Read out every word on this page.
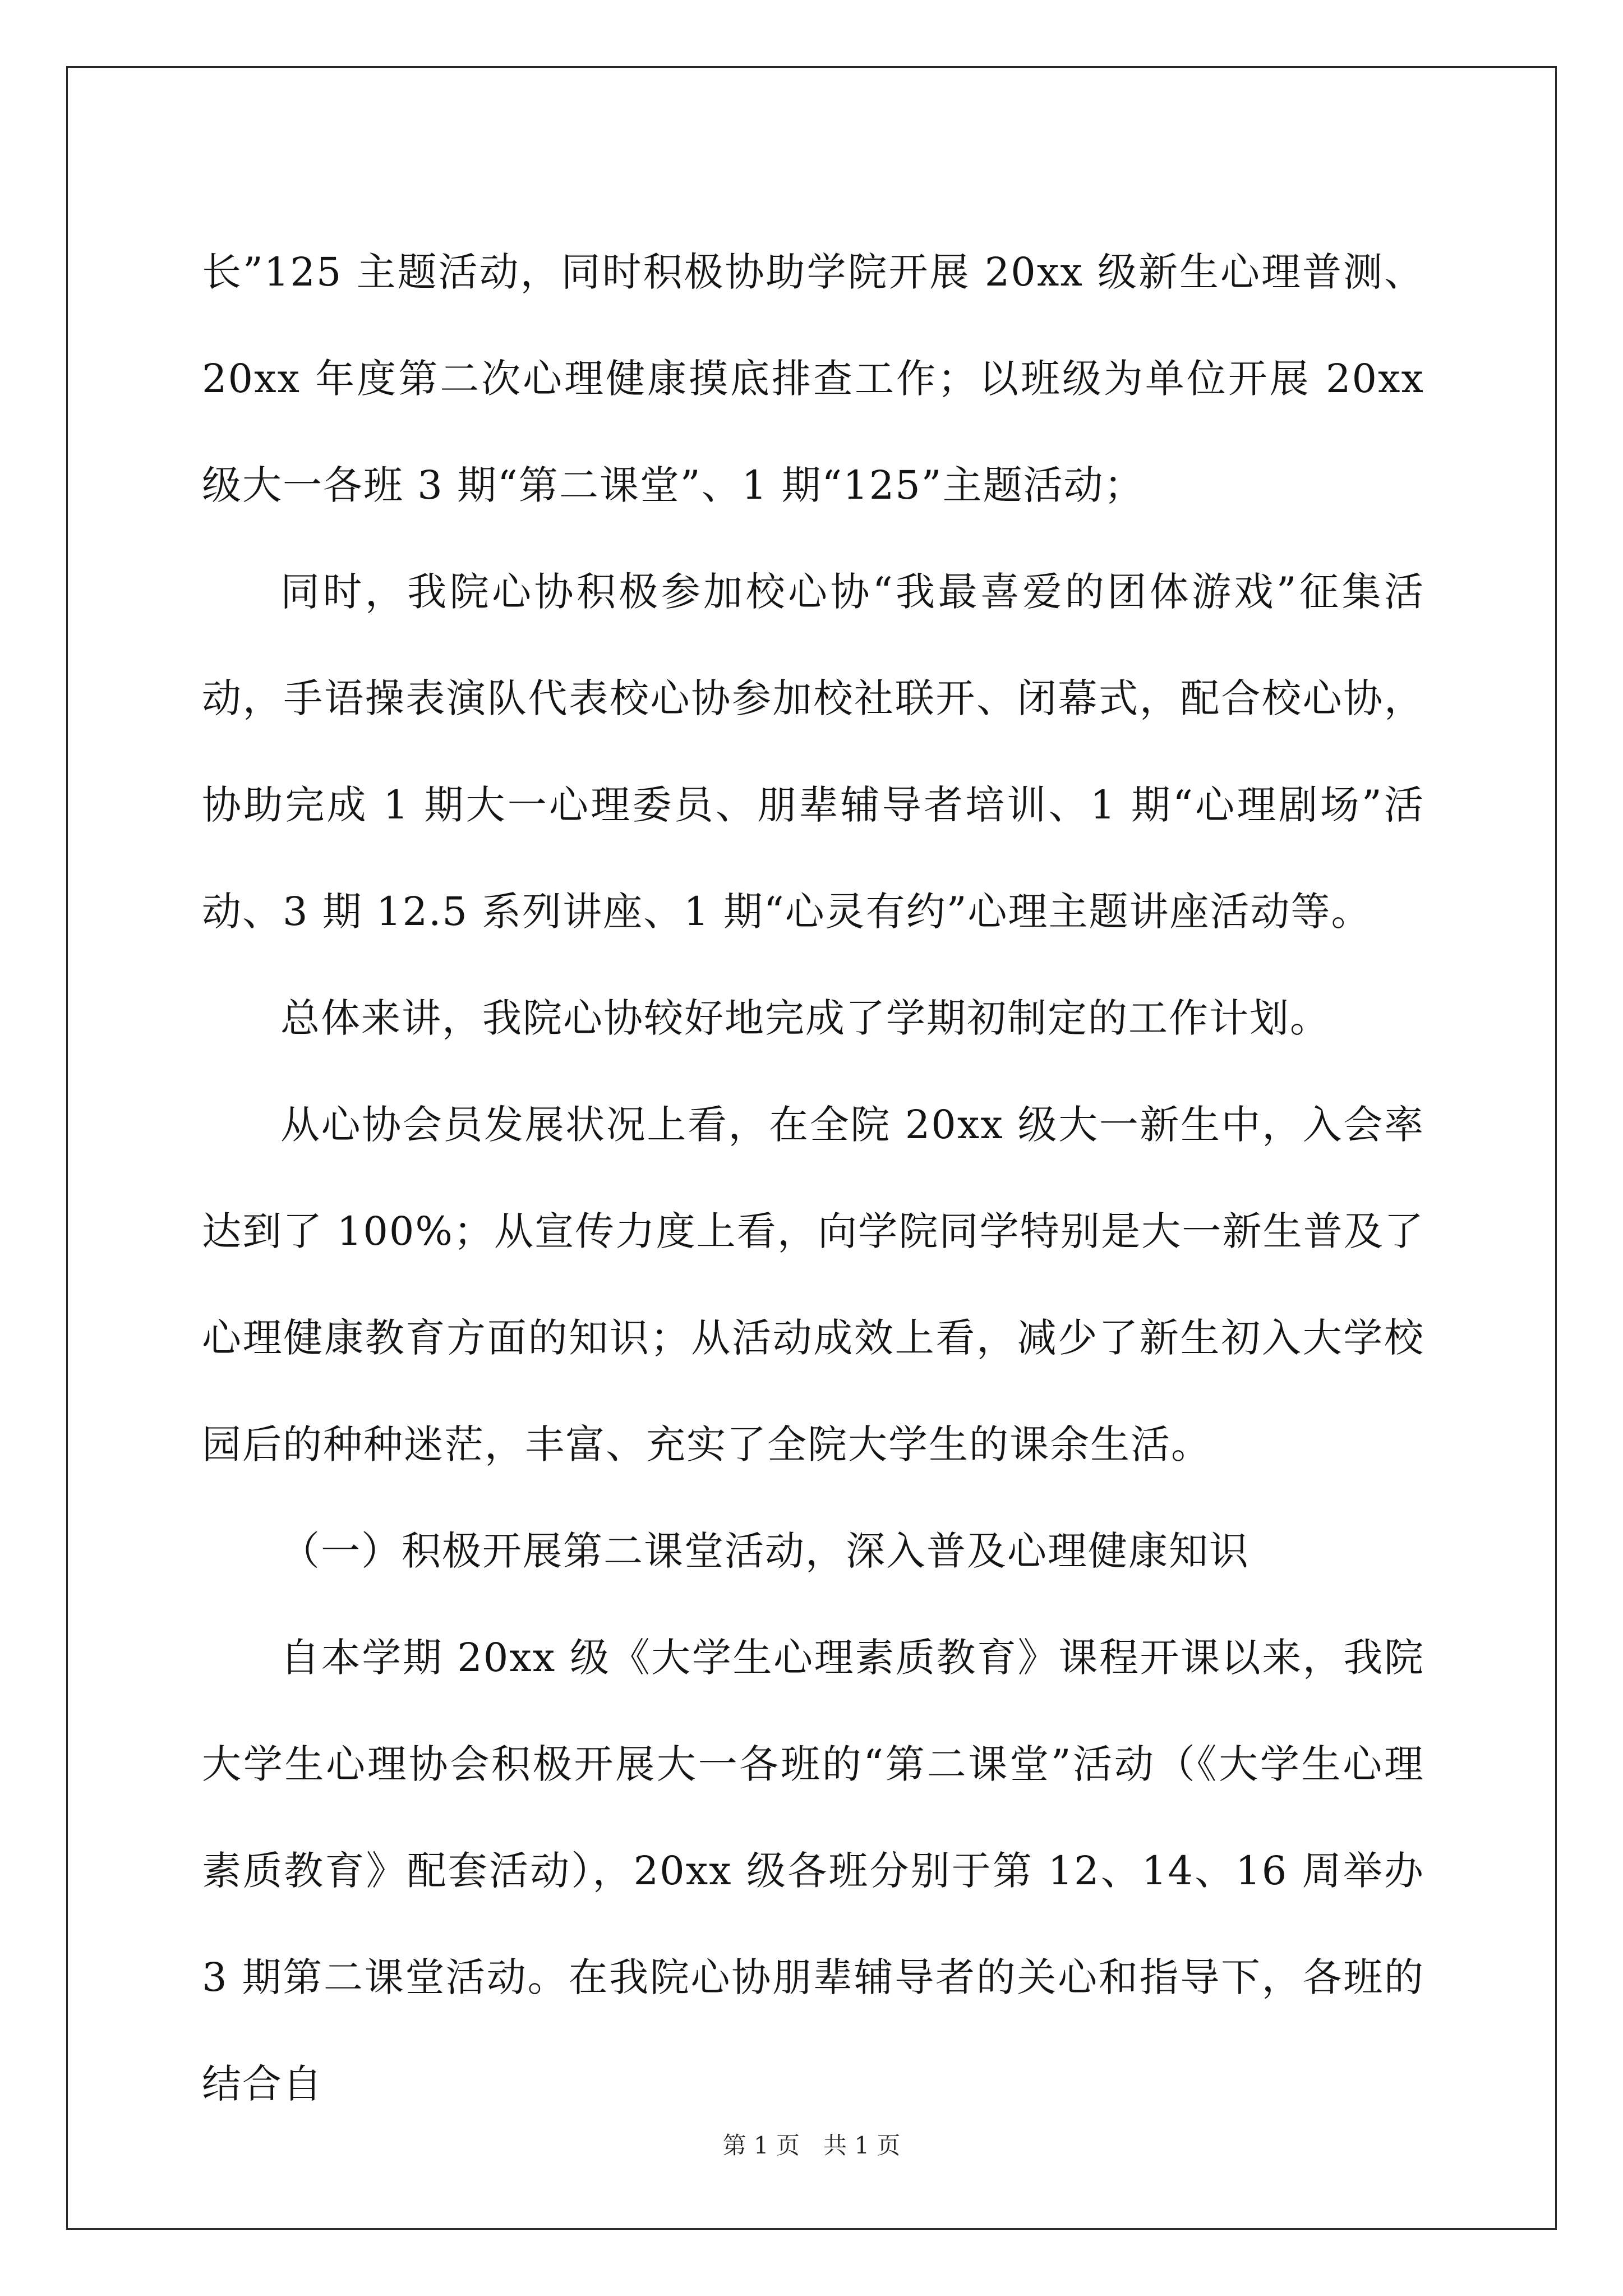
长”125 主题活动，同时积极协助学院开展 20xx 级新生心理普测、20xx 年度第二次心理健康摸底排查工作；以班级为单位开展 20xx 级大一各班 3 期“第二课堂”、1 期“125”主题活动；

同时，我院心协积极参加校心协“我最喜爱的团体游戏”征集活动，手语操表演队代表校心协参加校社联开、闭幕式，配合校心协，协助完成 1 期大一心理委员、朋辈辅导者培训、1 期“心理剧场”活动、3 期 12.5 系列讲座、1 期“心灵有约”心理主题讲座活动等。

总体来讲，我院心协较好地完成了学期初制定的工作计划。

从心协会员发展状况上看，在全院 20xx 级大一新生中，入会率达到了 100%；从宣传力度上看，向学院同学特别是大一新生普及了心理健康教育方面的知识；从活动成效上看，减少了新生初入大学校园后的种种迷茫，丰富、充实了全院大学生的课余生活。

（一）积极开展第二课堂活动，深入普及心理健康知识

自本学期 20xx 级《大学生心理素质教育》课程开课以来，我院大学生心理协会积极开展大一各班的“第二课堂”活动（《大学生心理素质教育》配套活动），20xx 级各班分别于第 12、14、16 周举办 3 期第二课堂活动。在我院心协朋辈辅导者的关心和指导下，各班的结合自

第 1 页　共 1 页
